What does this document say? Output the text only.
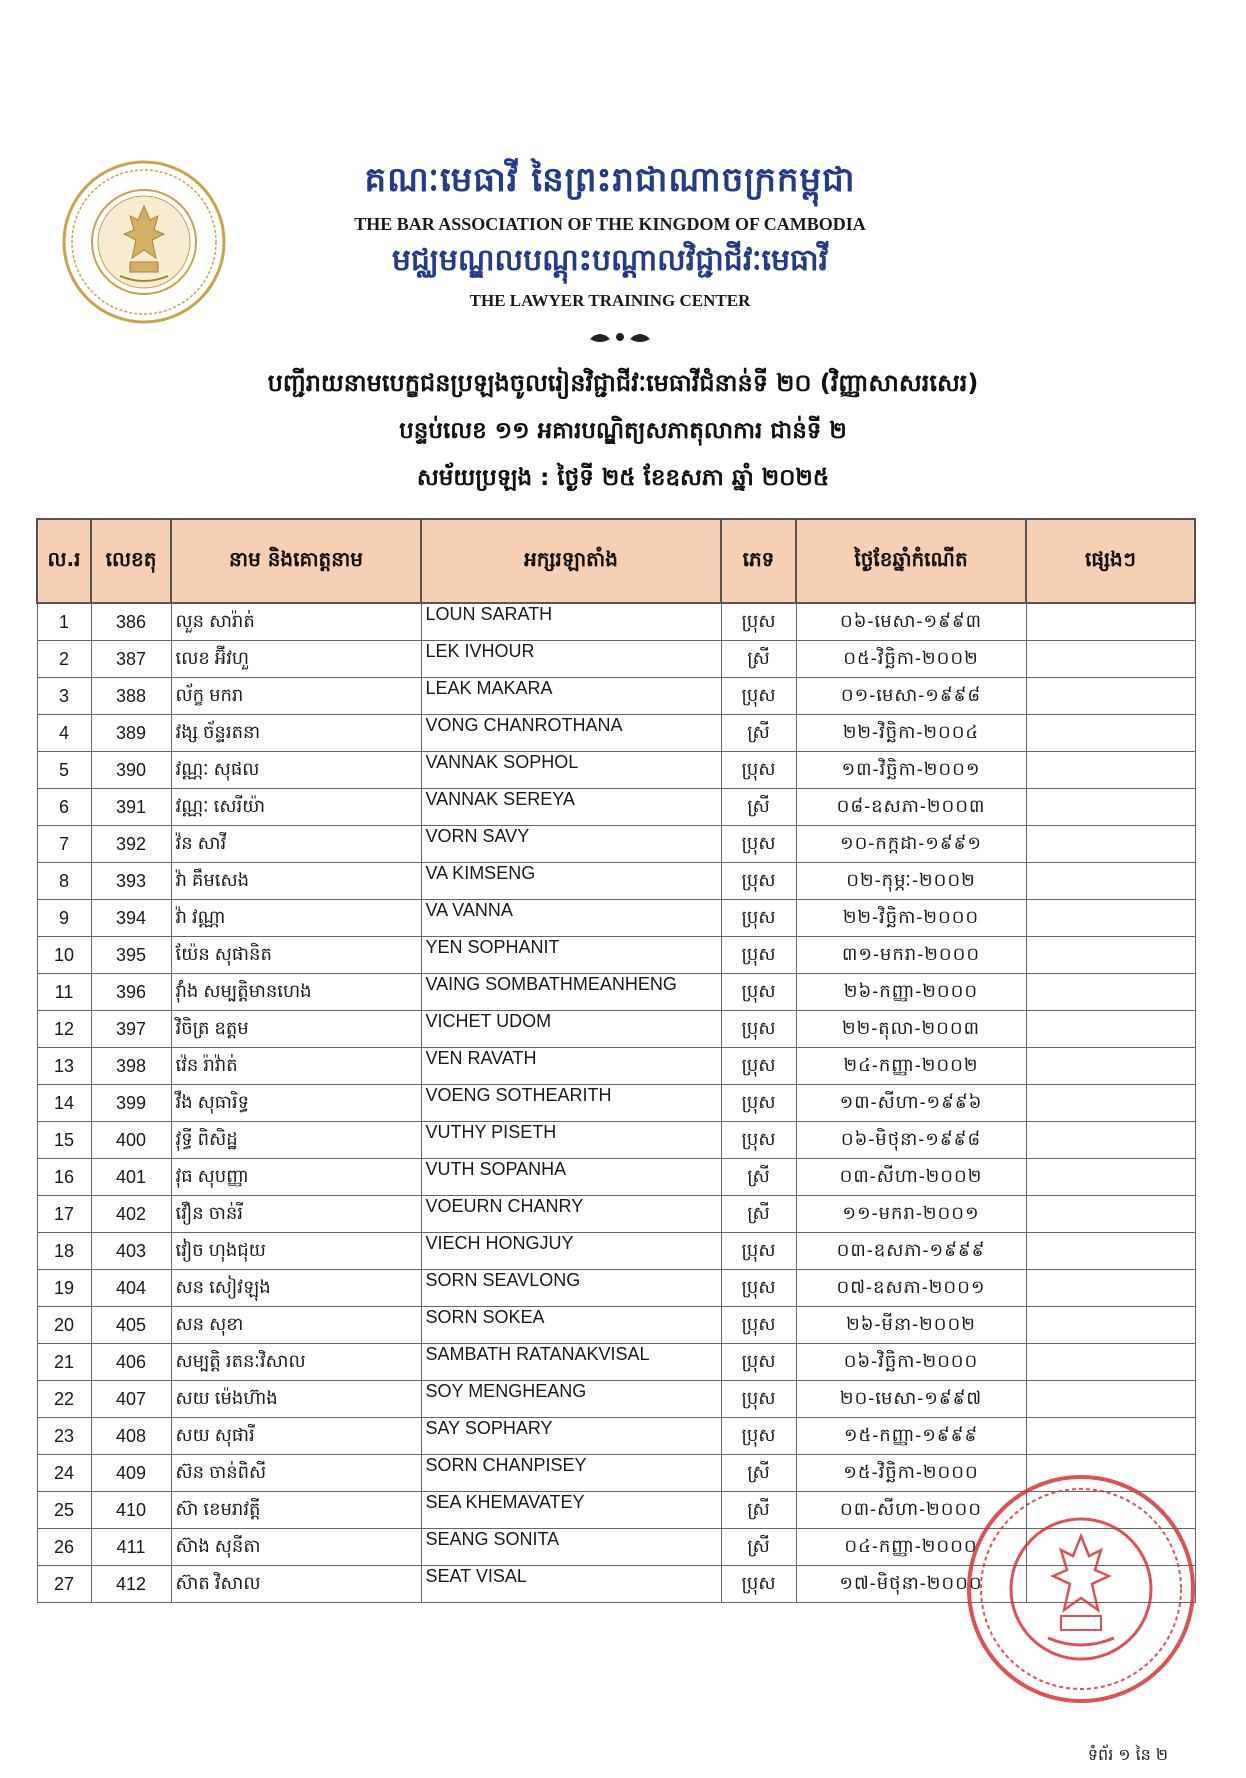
គណៈមេធាវី នៃព្រះរាជាណាចក្រកម្ពុជា
THE BAR ASSOCIATION OF THE KINGDOM OF CAMBODIA
មជ្ឈមណ្ឌលបណ្តុះបណ្តាលវិជ្ជាជីវៈមេធាវី
THE LAWYER TRAINING CENTER
បញ្ជីរាយនាមបេក្ខជនប្រឡងចូលរៀនវិជ្ជាជីវៈមេធាវីជំនាន់ទី ២០ (វិញ្ញាសាសរសេរ)
បន្ទប់លេខ ១១ អគារបណ្ឌិត្យសភាតុលាការ ជាន់ទី ២
សម័យប្រឡង : ថ្ងៃទី ២៥ ខែឧសភា ឆ្នាំ ២០២៥
ល.រ	លេខតុ	នាម និងគោត្តនាម	អក្សរឡាតាំង	ភេទ	ថ្ងៃខែឆ្នាំកំណើត	ផ្សេងៗ
1	386	លួន សារ៉ាត់	LOUN SARATH	ប្រុស	០៦-មេសា-១៩៩៣	
2	387	លេខ អ៊ីវហួ	LEK IVHOUR	ស្រី	០៥-វិច្ឆិកា-២០០២	
3	388	ល័ក្ខ មករា	LEAK MAKARA	ប្រុស	០១-មេសា-១៩៩៨	
4	389	វង្ស ច័ន្ទរតនា	VONG CHANROTHANA	ស្រី	២២-វិច្ឆិកា-២០០៤	
5	390	វណ្ណៈ សុផល	VANNAK SOPHOL	ប្រុស	១៣-វិច្ឆិកា-២០០១	
6	391	វណ្ណៈ សេរីយ៉ា	VANNAK SEREYA	ស្រី	០៨-ឧសភា-២០០៣	
7	392	វ៉ន សាវី	VORN SAVY	ប្រុស	១០-កក្កដា-១៩៩១	
8	393	វ៉ា គឹមសេង	VA KIMSENG	ប្រុស	០២-កុម្ភៈ-២០០២	
9	394	វ៉ា វណ្ណា	VA VANNA	ប្រុស	២២-វិច្ឆិកា-២០០០	
10	395	យ៉ែន សុផានិត	YEN SOPHANIT	ប្រុស	៣១-មករា-២០០០	
11	396	វ៉ាំង សម្បត្តិមានហេង	VAING SOMBATHMEANHENG	ប្រុស	២៦-កញ្ញា-២០០០	
12	397	វិចិត្រ ឧត្តម	VICHET UDOM	ប្រុស	២២-តុលា-២០០៣	
13	398	វ៉េន រ៉ាវ៉ាត់	VEN RAVATH	ប្រុស	២៤-កញ្ញា-២០០២	
14	399	វឹង សុធារិទ្ធ	VOENG SOTHEARITH	ប្រុស	១៣-សីហា-១៩៩៦	
15	400	វុទ្ធី ពិសិដ្ឋ	VUTHY PISETH	ប្រុស	០៦-មិថុនា-១៩៩៨	
16	401	វុធ សុបញ្ញា	VUTH SOPANHA	ស្រី	០៣-សីហា-២០០២	
17	402	វឿន ចាន់រី	VOEURN CHANRY	ស្រី	១១-មករា-២០០១	
18	403	វៀច ហុងជុយ	VIECH HONGJUY	ប្រុស	០៣-ឧសភា-១៩៩៩	
19	404	សន សៀវឡុង	SORN SEAVLONG	ប្រុស	០៧-ឧសភា-២០០១	
20	405	សន សុខា	SORN SOKEA	ប្រុស	២៦-មីនា-២០០២	
21	406	សម្បត្តិ រតនៈវិសាល	SAMBATH RATANAKVISAL	ប្រុស	០៦-វិច្ឆិកា-២០០០	
22	407	សយ ម៉េងហ៊ាង	SOY MENGHEANG	ប្រុស	២០-មេសា-១៩៩៧	
23	408	សយ សុផារី	SAY SOPHARY	ប្រុស	១៥-កញ្ញា-១៩៩៩	
24	409	ស៊ន ចាន់ពិសី	SORN CHANPISEY	ស្រី	១៥-វិច្ឆិកា-២០០០	
25	410	ស៊ា ខេមរាវត្តី	SEA KHEMAVATEY	ស្រី	០៣-សីហា-២០០០	
26	411	ស៊ាង សុនីតា	SEANG SONITA	ស្រី	០៤-កញ្ញា-២០០០	
27	412	ស៊ាត វិសាល	SEAT VISAL	ប្រុស	១៧-មិថុនា-២០០០	
ទំព័រ ១ នៃ ២
